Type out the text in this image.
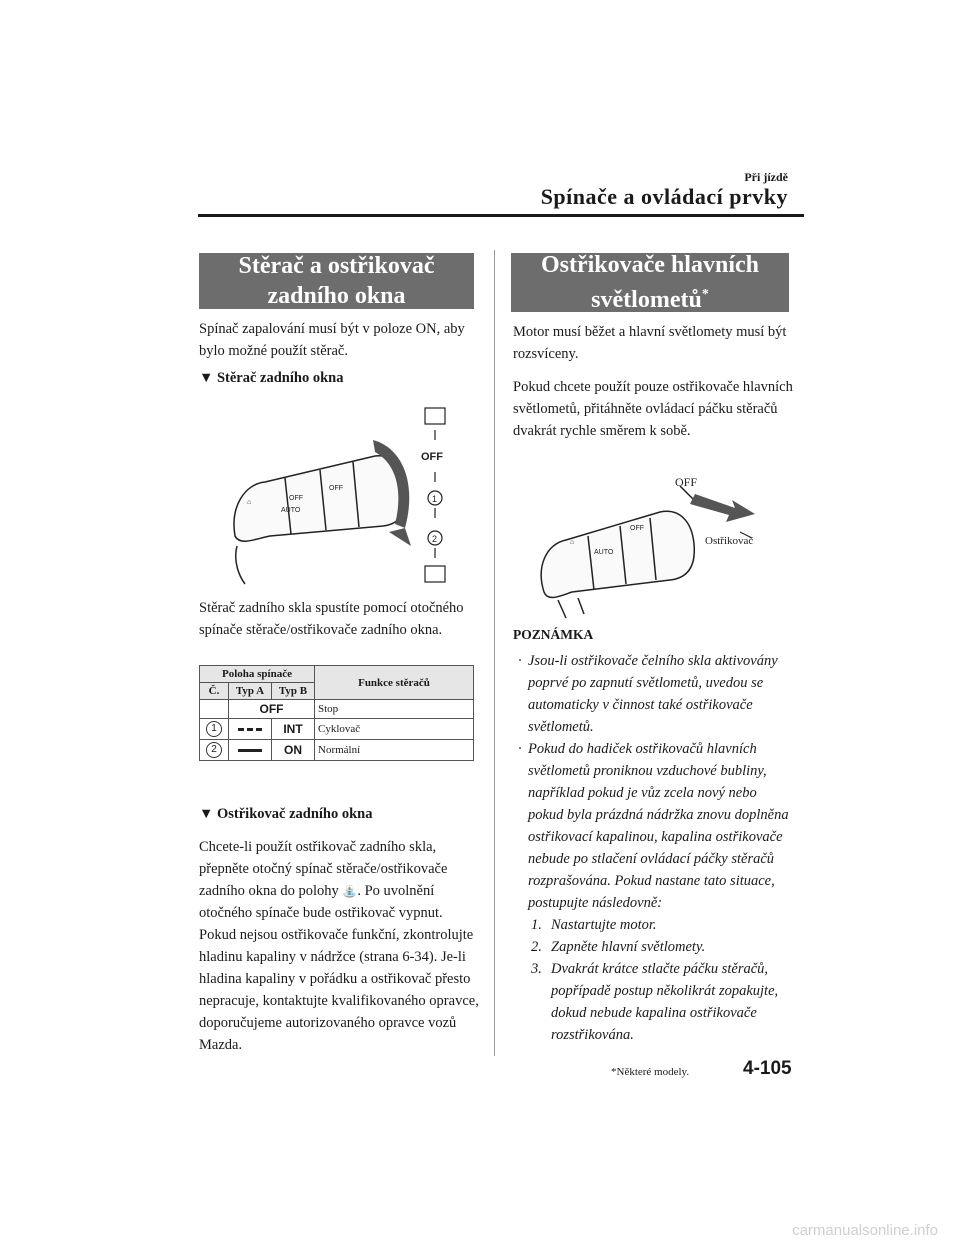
Při jízdě
Spínače a ovládací prvky
Stěrač a ostřikovač
zadního okna
Spínač zapalování musí být v poloze ON, aby bylo možné použít stěrač.
▼ Stěrač zadního okna
⌂
OFF
AUTO
OFF
OFF
1
2
Stěrač zadního skla spustíte pomocí otočného spínače stěrače/ostřikovače zadního okna.
Poloha spínače			Funkce stěračů
Č.	Typ A	Typ B	
	OFF		Stop
1		INT	Cyklovač
2		ON	Normální
▼ Ostřikovač zadního okna
Chcete-li použít ostřikovač zadního skla, přepněte otočný spínač stěrače/ostřikovače zadního okna do polohy ⛲. Po uvolnění otočného spínače bude ostřikovač vypnut. Pokud nejsou ostřikovače funkční, zkontrolujte hladinu kapaliny v nádržce (strana 6-34). Je-li hladina kapaliny v pořádku a ostřikovač přesto nepracuje, kontaktujte kvalifikovaného opravce, doporučujeme autorizovaného opravce vozů Mazda.
Ostřikovače hlavních
světlometů*
Motor musí běžet a hlavní světlomety musí být rozsvíceny.
Pokud chcete použít pouze ostřikovače hlavních světlometů, přitáhněte ovládací páčku stěračů dvakrát rychle směrem k sobě.
⌂
AUTO
OFF
OFF
Ostřikovač
POZNÁMKA
· Jsou-li ostřikovače čelního skla aktivovány poprvé po zapnutí světlometů, uvedou se automaticky v činnost také ostřikovače světlometů.
· Pokud do hadiček ostřikovačů hlavních světlometů proniknou vzduchové bubliny, například pokud je vůz zcela nový nebo pokud byla prázdná nádržka znovu doplněna ostřikovací kapalinou, kapalina ostřikovače nebude po stlačení ovládací páčky stěračů rozprašována. Pokud nastane tato situace, postupujte následovně:
1. Nastartujte motor.
2. Zapněte hlavní světlomety.
3. Dvakrát krátce stlačte páčku stěračů, popřípadě postup několikrát zopakujte, dokud nebude kapalina ostřikovače rozstřikována.
*Některé modely.	4-105
carmanualsonline.info
